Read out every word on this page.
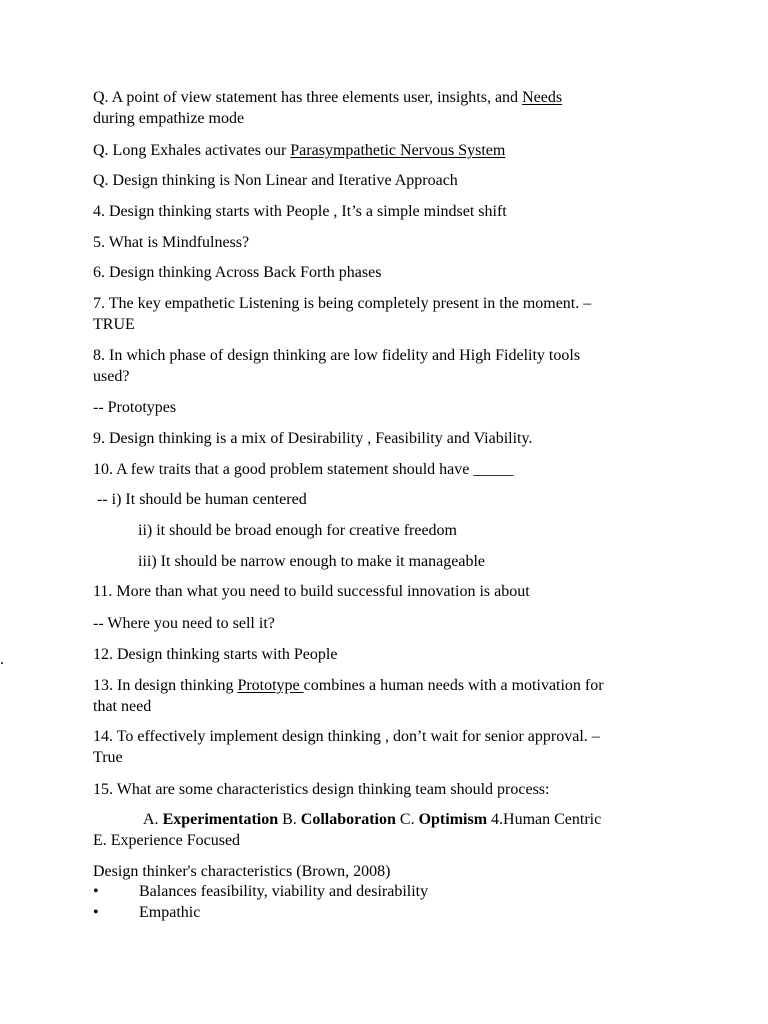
Q. A point of view statement has three elements user, insights, and Needs
during empathize mode
Q. Long Exhales activates our Parasympathetic Nervous System
Q. Design thinking is Non Linear and Iterative Approach
4. Design thinking starts with People , It’s a simple mindset shift
5. What is Mindfulness?
6. Design thinking Across Back Forth phases
7. The key empathetic Listening is being completely present in the moment. –
TRUE
8. In which phase of design thinking are low fidelity and High Fidelity tools
used?
-- Prototypes
9. Design thinking is a mix of Desirability , Feasibility and Viability.
10. A few traits that a good problem statement should have _____
-- i) It should be human centered
ii) it should be broad enough for creative freedom
iii) It should be narrow enough to make it manageable
11. More than what you need to build successful innovation is about
-- Where you need to sell it?
.	12. Design thinking starts with People
13. In design thinking Prototype combines a human needs with a motivation for
that need
14. To effectively implement design thinking , don’t wait for senior approval. –
True
15. What are some characteristics design thinking team should process:
A. Experimentation B. Collaboration C. Optimism 4.Human Centric
E. Experience Focused
Design thinker's characteristics (Brown, 2008)
•	Balances feasibility, viability and desirability
•	Empathic
